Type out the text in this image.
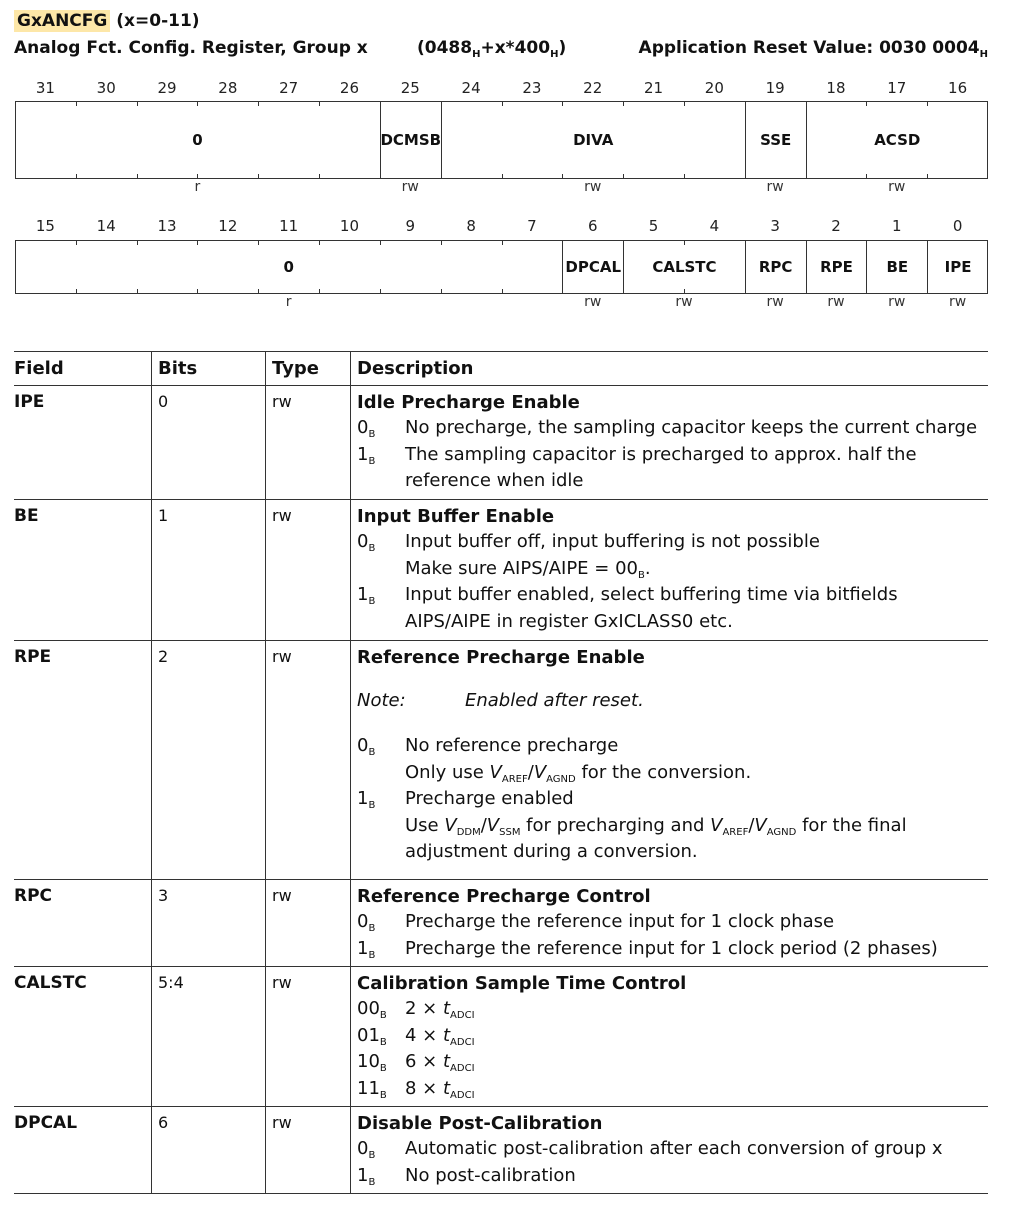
GxANCFG (x=0-11)
Analog Fct. Config. Register, Group x	$(0488_H+x*400_H)$	Application Reset Value: 0030 $0004_H$
31	30	29	28	27	26	25	24	23	22	21	20	19	18	17	16
0	DCMS B	DIVA	SSE	ACSD
r	rw	rw	rw	rw
15	14	13	12	11	10	9	8	7	6	5	4	3	2	1	0
0	DPCAL	CALSTC	RPC	RPE	BE	IPE
r	rw	rw	rw	rw	rw	rw
Field	Bits	Type	Description
IPE	0	rw	Idle Precharge Enable
$0_B$	No precharge, the sampling capacitor keeps the current charge
$1_B$	The sampling capacitor is precharged to approx. half the reference when idle
BE	1	rw	Input Buffer Enable
$0_B$	Input buffer off, input buffering is not possible
Make sure AIPS/AIPE = $00_B$.
$1_B$	Input buffer enabled, select buffering time via bitfields AIPS/AIPE in register GxICLASS0 etc.
RPE	2	rw	Reference Precharge Enable
Note:	Enabled after reset.
$0_B$	No reference precharge
Only use $V_{AREF}/V_{AGND}$ for the conversion.
$1_B$	Precharge enabled
Use $V_{DDM}/V_{SSM}$ for precharging and $V_{AREF}/V_{AGND}$ for the final adjustment during a conversion.
RPC	3	rw	Reference Precharge Control
$0_B$	Precharge the reference input for 1 clock phase
$1_B$	Precharge the reference input for 1 clock period (2 phases)
CALSTC	5:4	rw	Calibration Sample Time Control
$00_B$	$2 \times t_{ADCI}$
$01_B$	$4 \times t_{ADCI}$
$10_B$	$6 \times t_{ADCI}$
$11_B$	$8 \times t_{ADCI}$
DPCAL	6	rw	Disable Post-Calibration
$0_B$	Automatic post-calibration after each conversion of group x
$1_B$	No post-calibration
